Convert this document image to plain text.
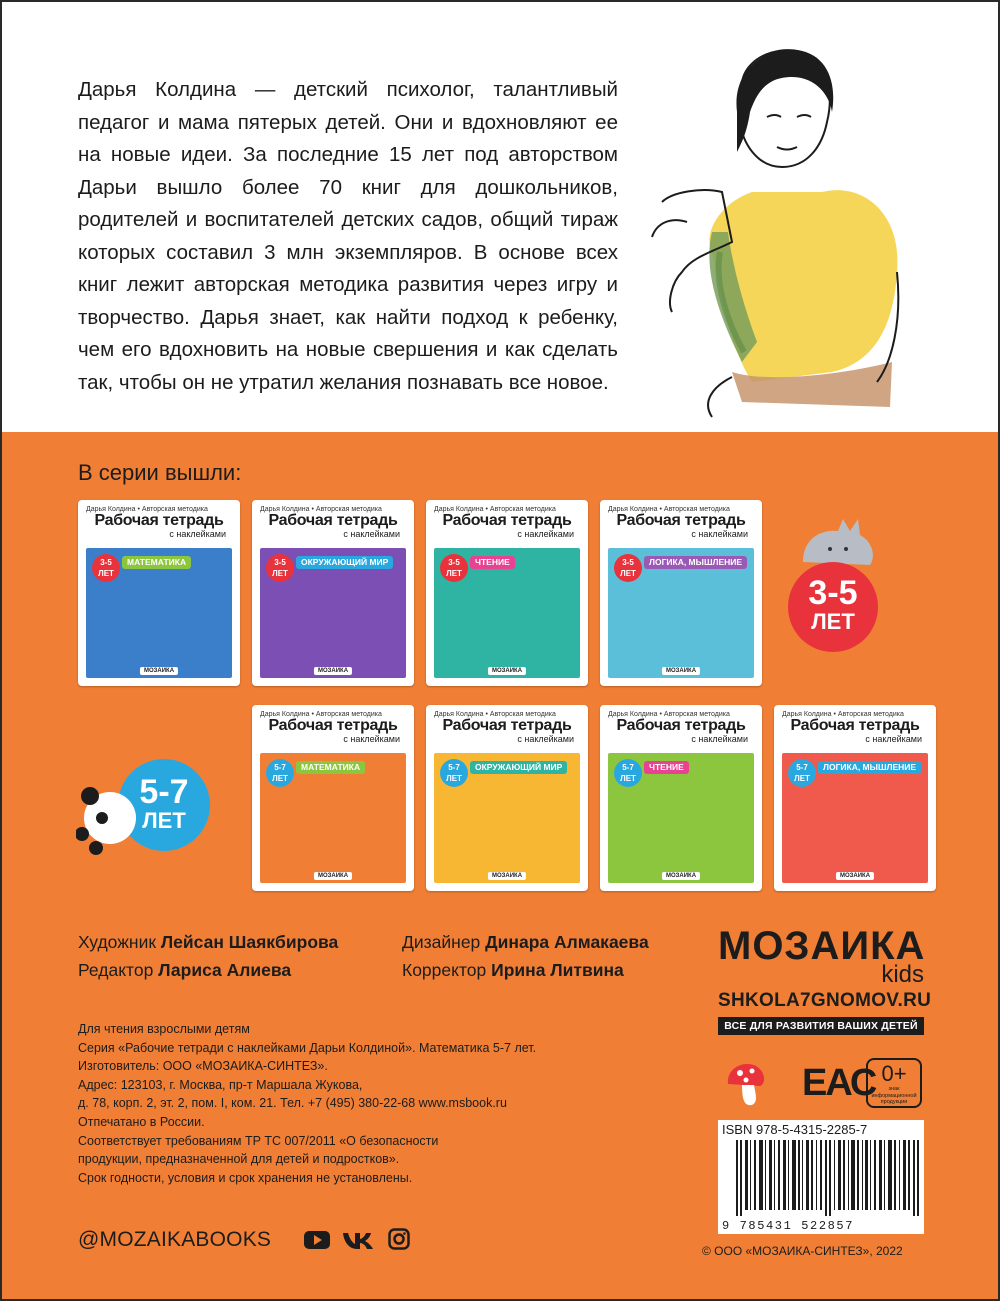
Дарья Колдина — детский психолог, талантливый педагог и мама пятерых детей. Они и вдохновляют ее на новые идеи. За последние 15 лет под авторством Дарьи вышло более 70 книг для дошкольников, родителей и воспитателей детских садов, общий тираж которых составил 3 млн экземпляров. В основе всех книг лежит авторская методика развития через игру и творчество. Дарья знает, как найти подход к ребенку, чем его вдохновить на новые свершения и как сделать так, чтобы он не утратил желания познавать все новое.

В серии вышли:
Дарья Колдина • Авторская методика
Рабочая тетрадь
с наклейками
3-5 ЛЕТ
МАТЕМАТИКА
МОЗАИКА
Дарья Колдина • Авторская методика
Рабочая тетрадь
с наклейками
3-5 ЛЕТ
ОКРУЖАЮЩИЙ МИР
МОЗАИКА
Дарья Колдина • Авторская методика
Рабочая тетрадь
с наклейками
3-5 ЛЕТ
ЧТЕНИЕ
МОЗАИКА
Дарья Колдина • Авторская методика
Рабочая тетрадь
с наклейками
3-5 ЛЕТ
ЛОГИКА, МЫШЛЕНИЕ
МОЗАИКА
3-5
ЛЕТ
Дарья Колдина • Авторская методика
Рабочая тетрадь
с наклейками
5-7 ЛЕТ
МАТЕМАТИКА
МОЗАИКА
Дарья Колдина • Авторская методика
Рабочая тетрадь
с наклейками
5-7 ЛЕТ
ОКРУЖАЮЩИЙ МИР
МОЗАИКА
Дарья Колдина • Авторская методика
Рабочая тетрадь
с наклейками
5-7 ЛЕТ
ЧТЕНИЕ
МОЗАИКА
Дарья Колдина • Авторская методика
Рабочая тетрадь
с наклейками
5-7 ЛЕТ
ЛОГИКА, МЫШЛЕНИЕ
МОЗАИКА
5-7
ЛЕТ
Художник Лейсан Шаякбирова
Редактор Лариса Алиева
Дизайнер Динара Алмакаева
Корректор Ирина Литвина
Для чтения взрослыми детям
Серия «Рабочие тетради с наклейками Дарьи Колдиной». Математика 5-7 лет.
Изготовитель: ООО «МОЗАИКА-СИНТЕЗ».
Адрес: 123103, г. Москва, пр-т Маршала Жукова,
д. 78, корп. 2, эт. 2, пом. I, ком. 21. Тел. +7 (495) 380-22-68 www.msbook.ru
Отпечатано в России.
Соответствует требованиям ТР ТС 007/2011 «О безопасности
продукции, предназначенной для детей и подростков».
Срок годности, условия и срок хранения не установлены.
@MOZAIKABOOKS
МОЗАИКА
kids
SHKOLA7GNOMOV.RU
ВСЕ ДЛЯ РАЗВИТИЯ ВАШИХ ДЕТЕЙ
ЕАС 0+
знак информационной продукции
ISBN 978-5-4315-2285-7
9 785431 522857
© ООО «МОЗАИКА-СИНТЕЗ», 2022
